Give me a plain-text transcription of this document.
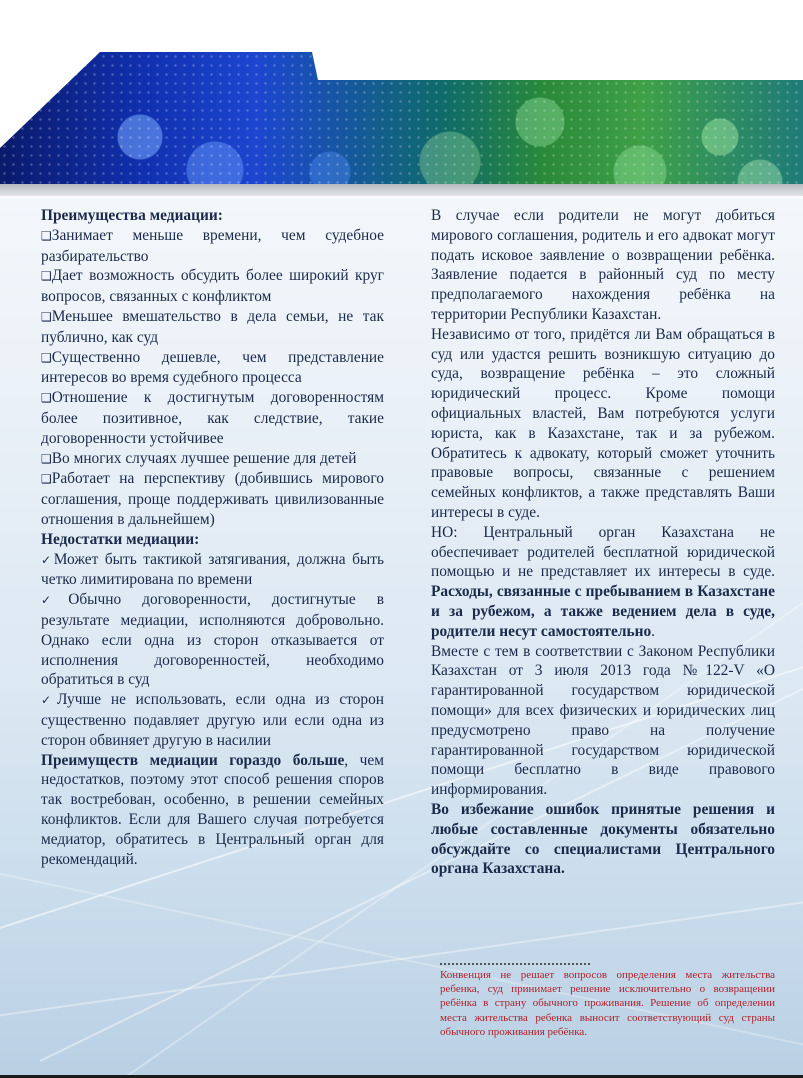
Преимущества медиации:

❑Занимает меньше времени, чем судебное разбирательство

❑Дает возможность обсудить более широкий круг вопросов, связанных с конфликтом

❑Меньшее вмешательство в дела семьи, не так публично, как суд

❑Существенно дешевле, чем представление интересов во время судебного процесса

❑Отношение к достигнутым договоренностям более позитивное, как следствие, такие договоренности устойчивее

❑Во многих случаях лучшее решение для детей

❑Работает на перспективу (добившись мирового соглашения, проще поддерживать цивилизованные отношения в дальнейшем)

Недостатки медиации:

✓Может быть тактикой затягивания, должна быть четко лимитирована по времени

✓Обычно договоренности, достигнутые в результате медиации, исполняются добровольно. Однако если одна из сторон отказывается от исполнения договоренностей, необходимо обратиться в суд

✓Лучше не использовать, если одна из сторон существенно подавляет другую или если одна из сторон обвиняет другую в насилии

Преимуществ медиации гораздо больше, чем недостатков, поэтому этот способ решения споров так востребован, особенно, в решении семейных конфликтов. Если для Вашего случая потребуется медиатор, обратитесь в Центральный орган для рекомендаций.

В случае если родители не могут добиться мирового соглашения, родитель и его адвокат могут подать исковое заявление о возвращении ребёнка. Заявление подается в районный суд по месту предполагаемого нахождения ребёнка на территории Республики Казахстан.

Независимо от того, придётся ли Вам обращаться в суд или удастся решить возникшую ситуацию до суда, возвращение ребёнка – это сложный юридический процесс. Кроме помощи официальных властей, Вам потребуются услуги юриста, как в Казахстане, так и за рубежом. Обратитесь к адвокату, который сможет уточнить правовые вопросы, связанные с решением семейных конфликтов, а также представлять Ваши интересы в суде.

НО: Центральный орган Казахстана не обеспечивает родителей бесплатной юридической помощью и не представляет их интересы в суде. Расходы, связанные с пребыванием в Казахстане и за рубежом, а также ведением дела в суде, родители несут самостоятельно.

Вместе с тем в соответствии с Законом Республики Казахстан от 3 июля 2013 года №122-V «О гарантированной государством юридической помощи» для всех физических и юридических лиц предусмотрено право на получение гарантированной государством юридической помощи бесплатно в виде правового информирования.

Во избежание ошибок принятые решения и любые составленные документы обязательно обсуждайте со специалистами Центрального органа Казахстана.

Конвенция не решает вопросов определения места жительства ребенка, суд принимает решение исключительно о возвращении ребёнка в страну обычного проживания. Решение об определении места жительства ребенка выносит соответствующий суд страны обычного проживания ребёнка.
